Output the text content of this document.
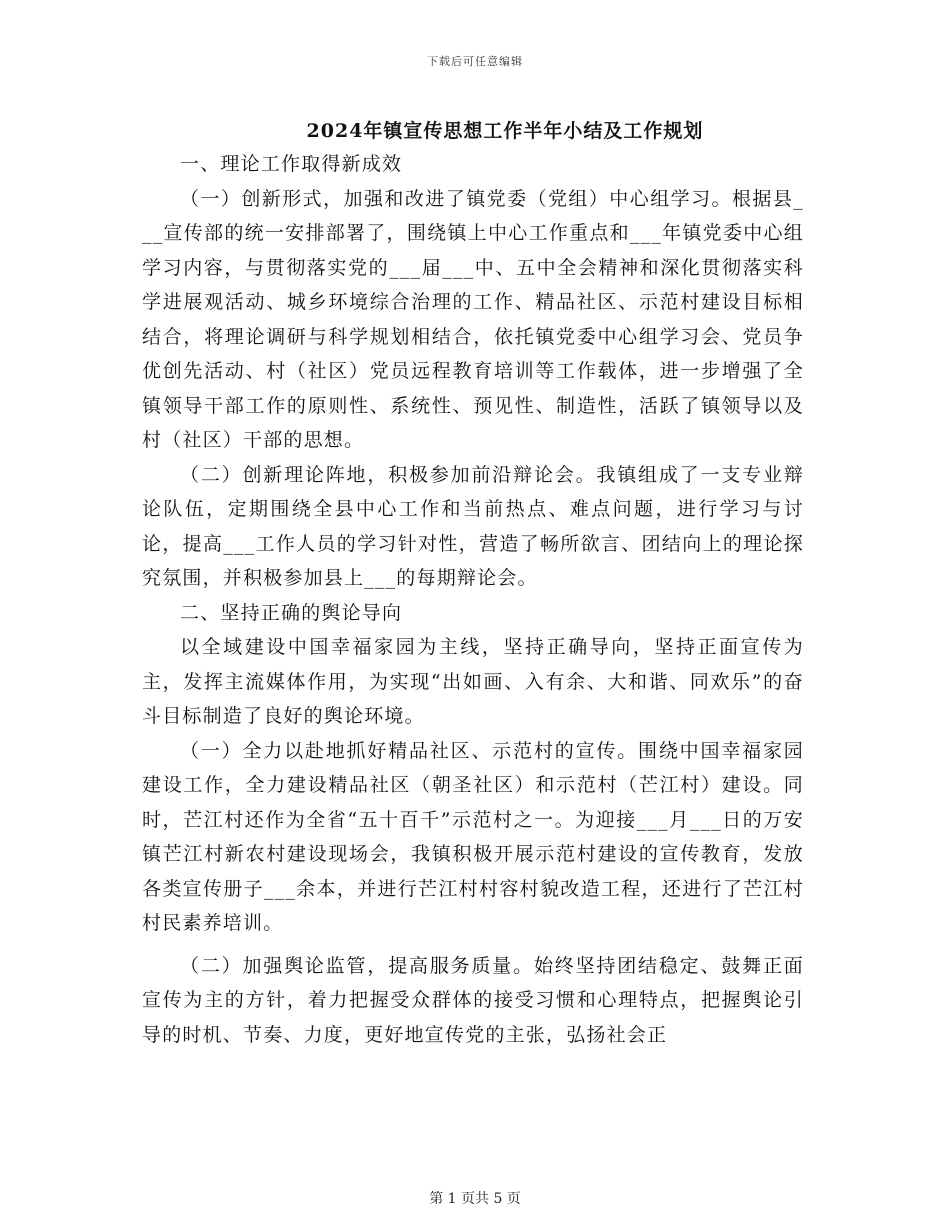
下载后可任意编辑
2024年镇宣传思想工作半年小结及工作规划

一、理论工作取得新成效

（一）创新形式，加强和改进了镇党委（党组）中心组学习。根据县___宣传部的统一安排部署了，围绕镇上中心工作重点和___年镇党委中心组学习内容，与贯彻落实党的___届___中、五中全会精神和深化贯彻落实科学进展观活动、城乡环境综合治理的工作、精品社区、示范村建设目标相结合，将理论调研与科学规划相结合，依托镇党委中心组学习会、党员争优创先活动、村（社区）党员远程教育培训等工作载体，进一步增强了全镇领导干部工作的原则性、系统性、预见性、制造性，活跃了镇领导以及村（社区）干部的思想。

（二）创新理论阵地，积极参加前沿辩论会。我镇组成了一支专业辩论队伍，定期围绕全县中心工作和当前热点、难点问题，进行学习与讨论，提高___工作人员的学习针对性，营造了畅所欲言、团结向上的理论探究氛围，并积极参加县上___的每期辩论会。

二、坚持正确的舆论导向

以全域建设中国幸福家园为主线，坚持正确导向，坚持正面宣传为主，发挥主流媒体作用，为实现“出如画、入有余、大和谐、同欢乐”的奋斗目标制造了良好的舆论环境。

（一）全力以赴地抓好精品社区、示范村的宣传。围绕中国幸福家园建设工作，全力建设精品社区（朝圣社区）和示范村（芒江村）建设。同时，芒江村还作为全省“五十百千”示范村之一。为迎接___月___日的万安镇芒江村新农村建设现场会，我镇积极开展示范村建设的宣传教育，发放各类宣传册子___余本，并进行芒江村村容村貌改造工程，还进行了芒江村村民素养培训。

（二）加强舆论监管，提高服务质量。始终坚持团结稳定、鼓舞正面宣传为主的方针，着力把握受众群体的接受习惯和心理特点，把握舆论引导的时机、节奏、力度，更好地宣传党的主张，弘扬社会正

第 1 页共 5 页
